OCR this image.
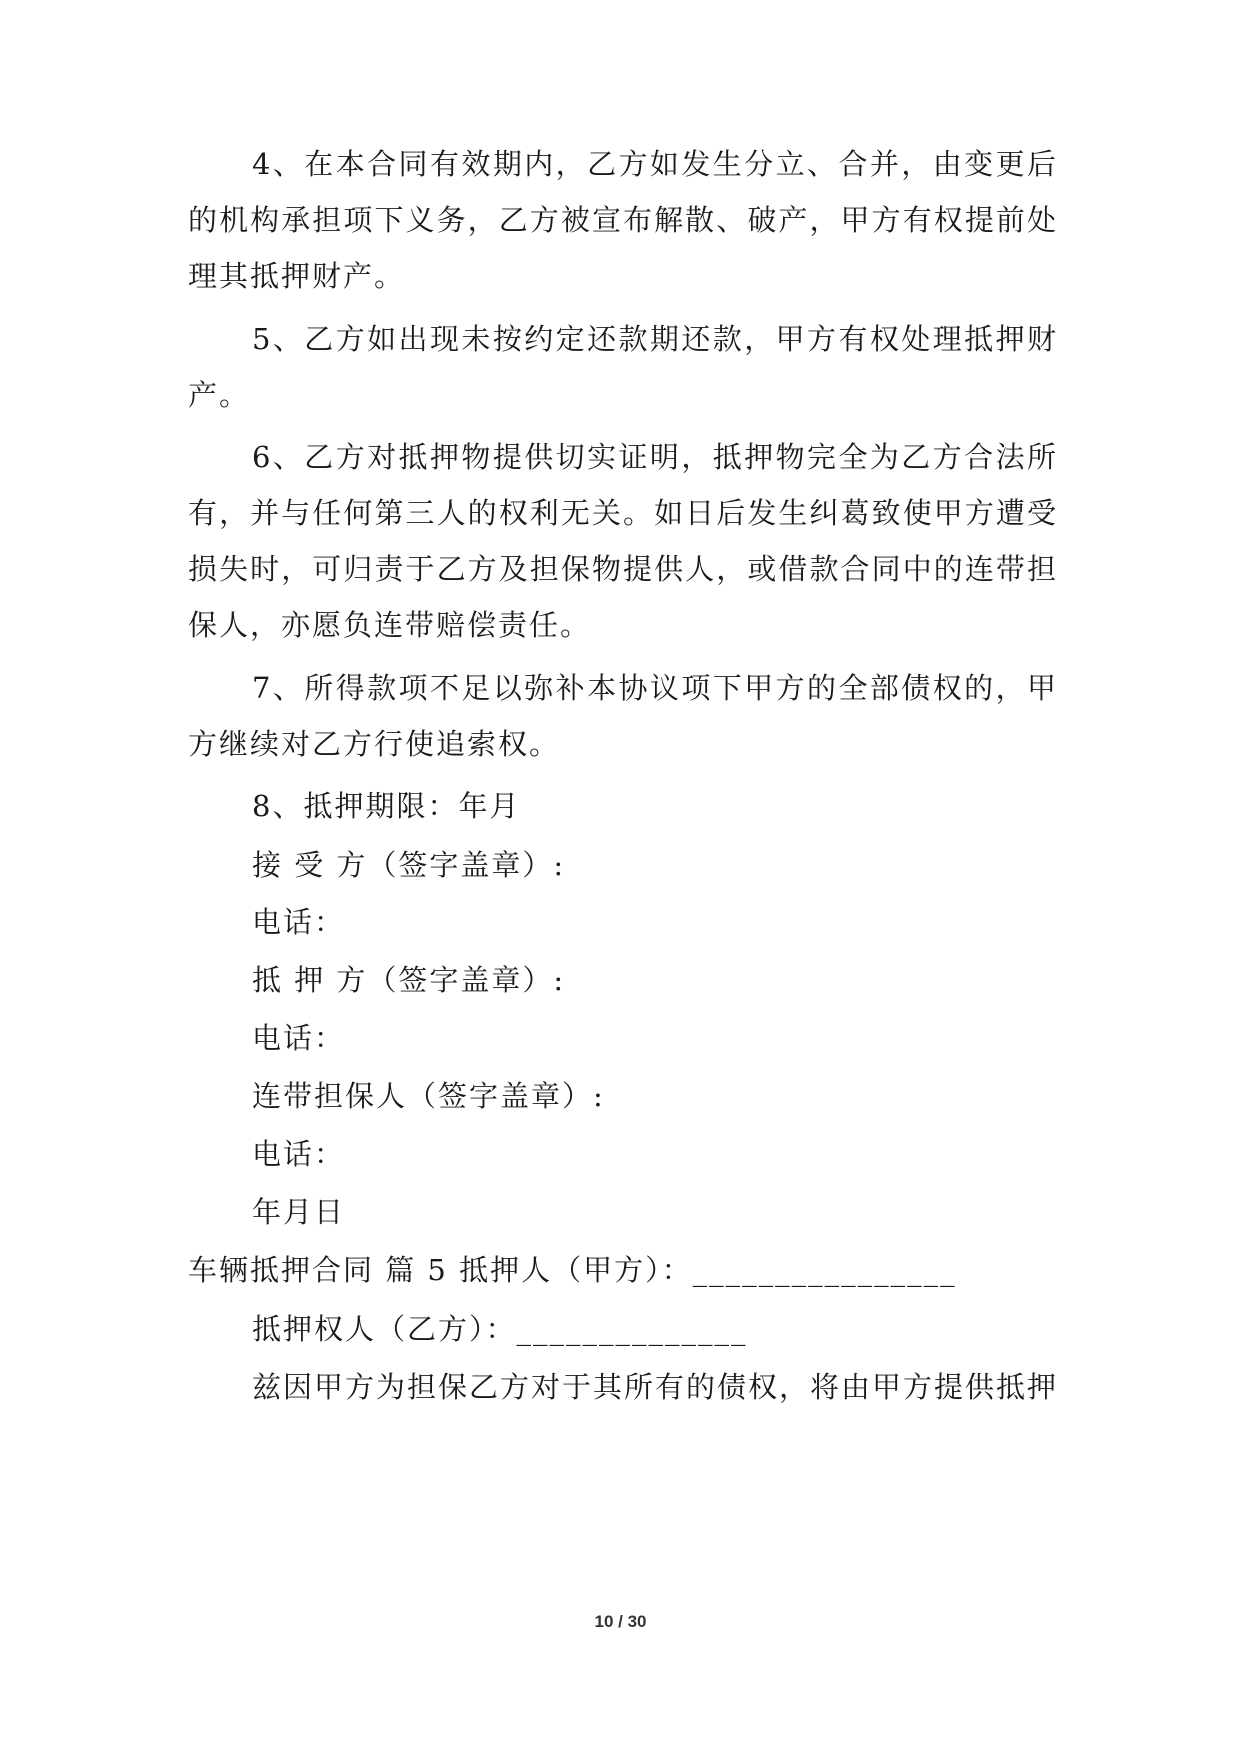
4、在本合同有效期内，乙方如发生分立、合并，由变更后
的机构承担项下义务，乙方被宣布解散、破产，甲方有权提前处
理其抵押财产。
5、乙方如出现未按约定还款期还款，甲方有权处理抵押财
产。
6、乙方对抵押物提供切实证明，抵押物完全为乙方合法所
有，并与任何第三人的权利无关。如日后发生纠葛致使甲方遭受
损失时，可归责于乙方及担保物提供人，或借款合同中的连带担
保人，亦愿负连带赔偿责任。
7、所得款项不足以弥补本协议项下甲方的全部债权的，甲
方继续对乙方行使追索权。
8、抵押期限：年月
接 受 方（签字盖章）:
电话：
抵 押 方（签字盖章）:
电话：
连带担保人（签字盖章）:
电话：
年月日
车辆抵押合同 篇 5 抵押人（甲方）：________________
抵押权人（乙方）：______________
兹因甲方为担保乙方对于其所有的债权，将由甲方提供抵押
10 / 30
